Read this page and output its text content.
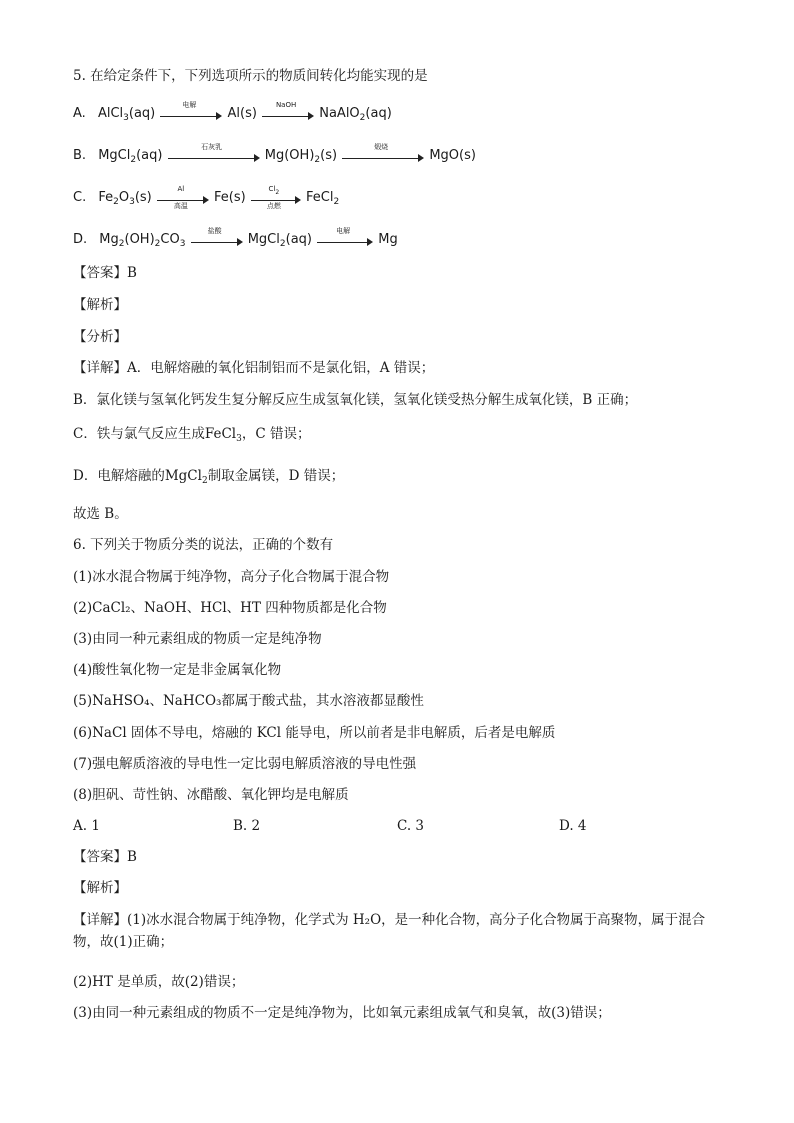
5. 在给定条件下，下列选项所示的物质间转化均能实现的是
A. AlCl$_3$(aq)
电解
Al(s)
NaOH
NaAlO$_2$(aq)
B. MgCl$_2$(aq)
石灰乳
$Mg(OH)_2(s)$
煅烧
MgO(s)
C. $Fe_2O_3(s)$
Al
高温
Fe(s)
$Cl_2$
点燃
FeCl$_2$
D. $Mg_2(OH)_2CO_3$
盐酸
MgCl$_2$(aq)
电解
Mg
【答案】B
【解析】
【分析】
【详解】A．电解熔融的氧化铝制铝而不是氯化铝，A 错误；
B．氯化镁与氢氧化钙发生复分解反应生成氢氧化镁，氢氧化镁受热分解生成氧化镁，B 正确；
C．铁与氯气反应生成FeCl$_3$，C 错误；
D．电解熔融的MgCl$_2$制取金属镁，D 错误；
故选 B。
6. 下列关于物质分类的说法，正确的个数有
(1)冰水混合物属于纯净物，高分子化合物属于混合物
(2)CaCl₂、NaOH、HCl、HT 四种物质都是化合物
(3)由同一种元素组成的物质一定是纯净物
(4)酸性氧化物一定是非金属氧化物
(5)NaHSO₄、NaHCO₃都属于酸式盐，其水溶液都显酸性
(6)NaCl 固体不导电，熔融的 KCl 能导电，所以前者是非电解质，后者是电解质
(7)强电解质溶液的导电性一定比弱电解质溶液的导电性强
(8)胆矾、苛性钠、冰醋酸、氧化钾均是电解质
A. 1	B. 2	C. 3	D. 4
【答案】B
【解析】
【详解】(1)冰水混合物属于纯净物，化学式为 H₂O，是一种化合物，高分子化合物属于高聚物，属于混合物，故(1)正确；
(2)HT 是单质，故(2)错误；
(3)由同一种元素组成的物质不一定是纯净物为，比如氧元素组成氧气和臭氧，故(3)错误；
